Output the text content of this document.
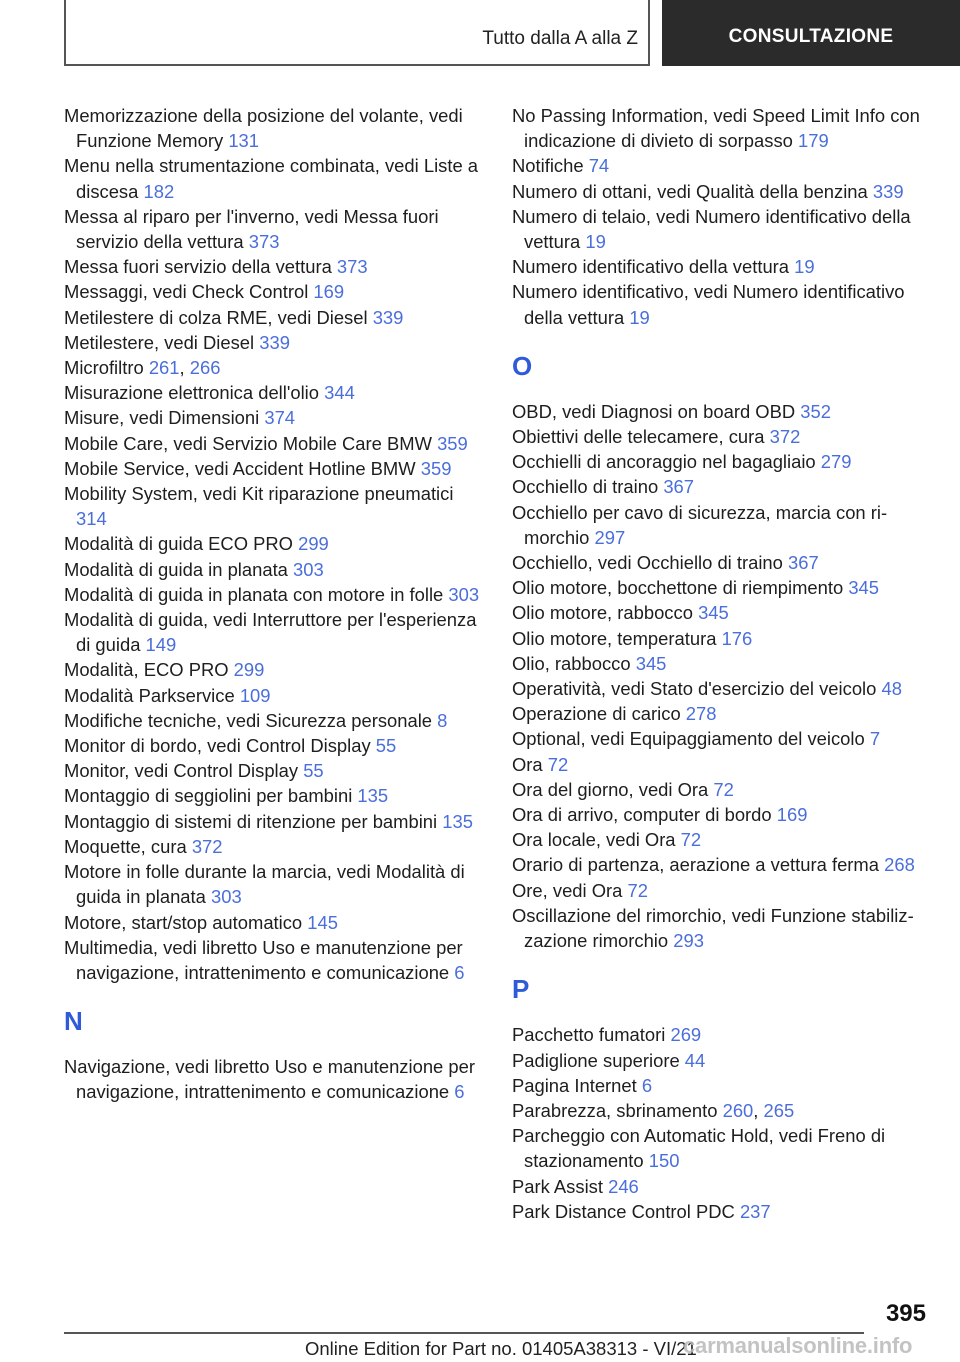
Tutto dalla A alla Z	CONSULTAZIONE
Memorizzazione della posizione del volante, vedi Funzione Memory 131
Menu nella strumentazione combinata, vedi Liste a discesa 182
Messa al riparo per l'inverno, vedi Messa fuori servizio della vettura 373
Messa fuori servizio della vettura 373
Messaggi, vedi Check Control 169
Metilestere di colza RME, vedi Diesel 339
Metilestere, vedi Diesel 339
Microfiltro 261, 266
Misurazione elettronica dell'olio 344
Misure, vedi Dimensioni 374
Mobile Care, vedi Servizio Mobile Care BMW 359
Mobile Service, vedi Accident Hotline BMW 359
Mobility System, vedi Kit riparazione pneumatici 314
Modalità di guida ECO PRO 299
Modalità di guida in planata 303
Modalità di guida in planata con motore in folle 303
Modalità di guida, vedi Interruttore per l'esperienza di guida 149
Modalità, ECO PRO 299
Modalità Parkservice 109
Modifiche tecniche, vedi Sicurezza personale 8
Monitor di bordo, vedi Control Display 55
Monitor, vedi Control Display 55
Montaggio di seggiolini per bambini 135
Montaggio di sistemi di ritenzione per bambini 135
Moquette, cura 372
Motore in folle durante la marcia, vedi Modalità di guida in planata 303
Motore, start/stop automatico 145
Multimedia, vedi libretto Uso e manutenzione per navigazione, intrattenimento e comunicazione 6
N
Navigazione, vedi libretto Uso e manutenzione per navigazione, intrattenimento e comunicazione 6
No Passing Information, vedi Speed Limit Info con indicazione di divieto di sorpasso 179
Notifiche 74
Numero di ottani, vedi Qualità della benzina 339
Numero di telaio, vedi Numero identificativo della vettura 19
Numero identificativo della vettura 19
Numero identificativo, vedi Numero identificativo della vettura 19
O
OBD, vedi Diagnosi on board OBD 352
Obiettivi delle telecamere, cura 372
Occhielli di ancoraggio nel bagagliaio 279
Occhiello di traino 367
Occhiello per cavo di sicurezza, marcia con rimorchio 297
Occhiello, vedi Occhiello di traino 367
Olio motore, bocchettone di riempimento 345
Olio motore, rabbocco 345
Olio motore, temperatura 176
Olio, rabbocco 345
Operatività, vedi Stato d'esercizio del veicolo 48
Operazione di carico 278
Optional, vedi Equipaggiamento del veicolo 7
Ora 72
Ora del giorno, vedi Ora 72
Ora di arrivo, computer di bordo 169
Ora locale, vedi Ora 72
Orario di partenza, aerazione a vettura ferma 268
Ore, vedi Ora 72
Oscillazione del rimorchio, vedi Funzione stabilizzazione rimorchio 293
P
Pacchetto fumatori 269
Padiglione superiore 44
Pagina Internet 6
Parabrezza, sbrinamento 260, 265
Parcheggio con Automatic Hold, vedi Freno di stazionamento 150
Park Assist 246
Park Distance Control PDC 237
395
Online Edition for Part no. 01405A38313 - VI/21
carmanualsonline.info
